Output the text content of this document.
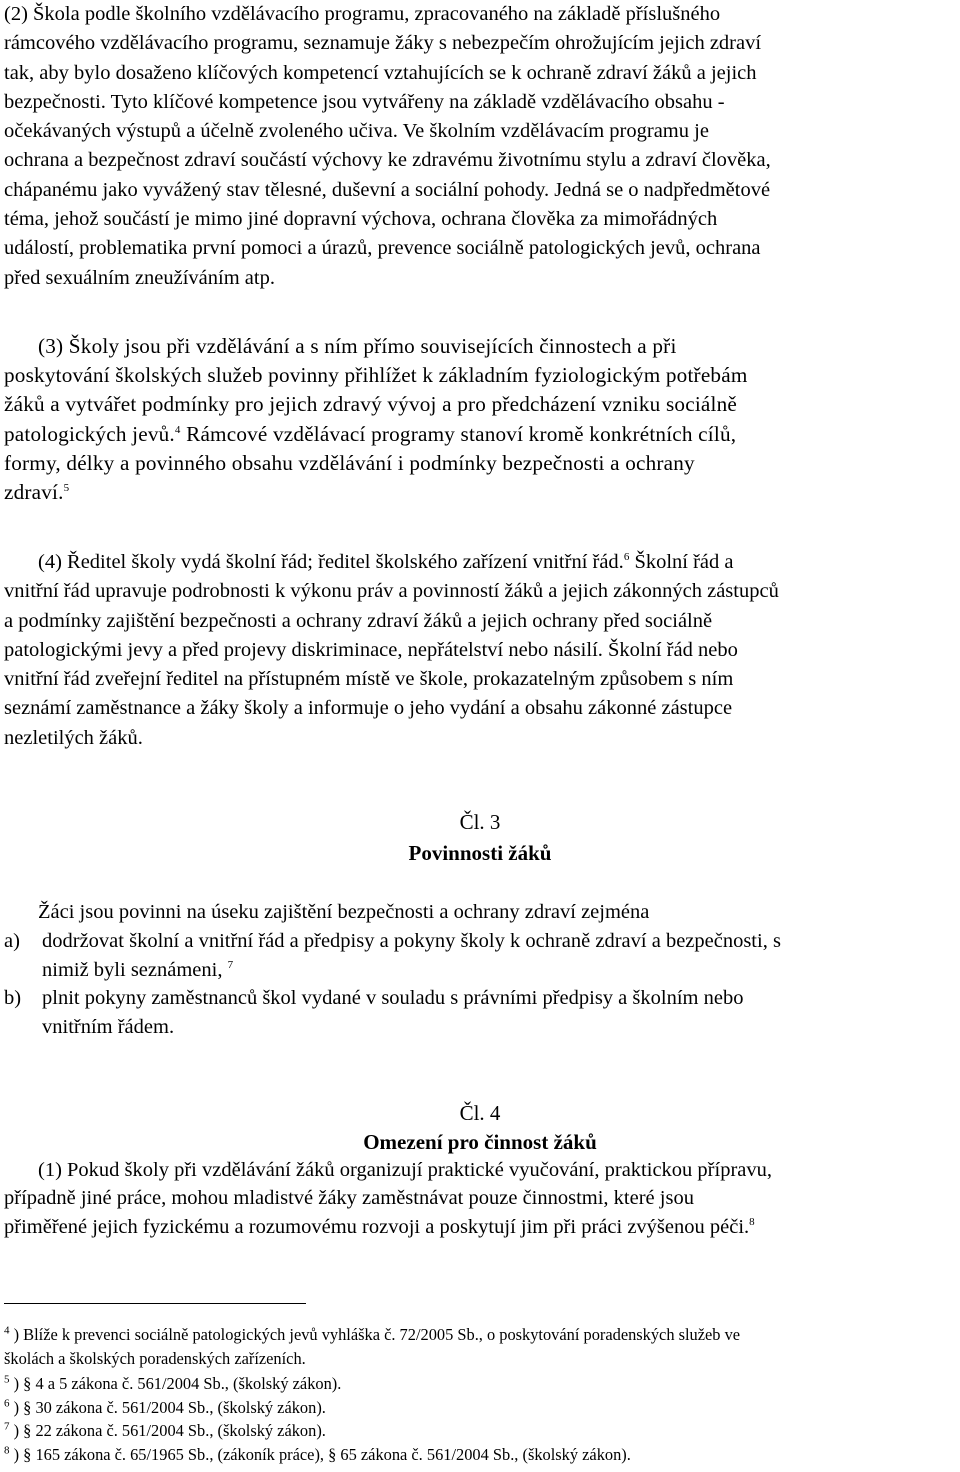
(2) Škola podle školního vzdělávacího programu, zpracovaného na základě příslušného
rámcového vzdělávacího programu, seznamuje žáky s nebezpečím ohrožujícím jejich zdraví
tak, aby bylo dosaženo klíčových kompetencí vztahujících se k ochraně zdraví žáků a jejich
bezpečnosti. Tyto klíčové kompetence jsou vytvářeny na základě vzdělávacího obsahu -
očekávaných výstupů a účelně zvoleného učiva. Ve školním vzdělávacím programu je
ochrana a bezpečnost zdraví součástí výchovy ke zdravému životnímu stylu a zdraví člověka,
chápanému jako vyvážený stav tělesné, duševní a sociální pohody. Jedná se o nadpředmětové
téma, jehož součástí je mimo jiné dopravní výchova, ochrana člověka za mimořádných
událostí, problematika první pomoci a úrazů, prevence sociálně patologických jevů, ochrana
před sexuálním zneužíváním atp.
(3) Školy jsou při vzdělávání a s ním přímo souvisejících činnostech a při
poskytování školských služeb povinny přihlížet k základním fyziologickým potřebám
žáků a vytvářet podmínky pro jejich zdravý vývoj a pro předcházení vzniku sociálně
patologických jevů.$^4$ Rámcové vzdělávací programy stanoví kromě konkrétních cílů,
formy, délky a povinného obsahu vzdělávání i podmínky bezpečnosti a ochrany
zdraví.$^5$
(4) Ředitel školy vydá školní řád; ředitel školského zařízení vnitřní řád.$^6$ Školní řád a
vnitřní řád upravuje podrobnosti k výkonu práv a povinností žáků a jejich zákonných zástupců
a podmínky zajištění bezpečnosti a ochrany zdraví žáků a jejich ochrany před sociálně
patologickými jevy a před projevy diskriminace, nepřátelství nebo násilí. Školní řád nebo
vnitřní řád zveřejní ředitel na přístupném místě ve škole, prokazatelným způsobem s ním
seznámí zaměstnance a žáky školy a informuje o jeho vydání a obsahu zákonné zástupce
nezletilých žáků.
Čl. 3
Povinnosti žáků
Žáci jsou povinni na úseku zajištění bezpečnosti a ochrany zdraví zejména
a) dodržovat školní a vnitřní řád a předpisy a pokyny školy k ochraně zdraví a bezpečnosti, s
nimiž byli seznámeni, $^7$
b) plnit pokyny zaměstnanců škol vydané v souladu s právními předpisy a školním nebo
vnitřním řádem.
Čl. 4
Omezení pro činnost žáků
(1) Pokud školy při vzdělávání žáků organizují praktické vyučování, praktickou přípravu,
případně jiné práce, mohou mladistvé žáky zaměstnávat pouze činnostmi, které jsou
přiměřené jejich fyzickému a rozumovému rozvoji a poskytují jim při práci zvýšenou péči.$^8$
$^4$ ) Blíže k prevenci sociálně patologických jevů vyhláška č. 72/2005 Sb., o poskytování poradenských služeb ve
školách a školských poradenských zařízeních.
$^5$ ) § 4 a 5 zákona č. 561/2004 Sb., (školský zákon).
$^6$ ) § 30 zákona č. 561/2004 Sb., (školský zákon).
$^7$ ) § 22 zákona č. 561/2004 Sb., (školský zákon).
$^8$ ) § 165 zákona č. 65/1965 Sb., (zákoník práce), § 65 zákona č. 561/2004 Sb., (školský zákon).
